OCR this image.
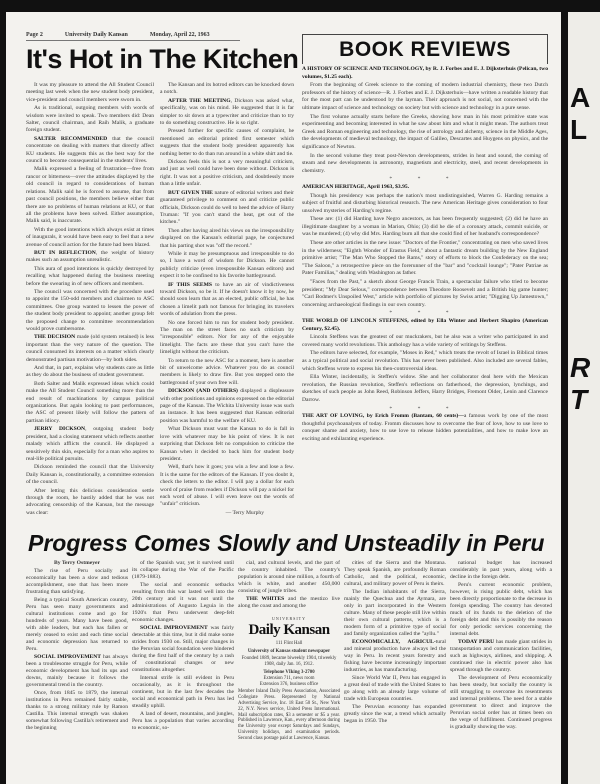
Page 2	University Daily Kansan	Monday, April 22, 1963
It's Hot in The Kitchen

It was my pleasure to attend the All Student Council meeting last week when the new student body president, vice-president and council members were sworn in.

As is traditional, outgoing members with words of wisdom were invited to speak. Two members did: Dean Salter, council chairman, and Raih Malik, a graduate foreign student.

SALTER RECOMMENDED that the council concentrate on dealing with matters that directly affect KU students. He suggests this as the best way for the council to become consequential in the students' lives.

Malik expressed a feeling of frustration—free from rancor or bitterness—over the attitudes displayed by the old council in regard to considerations of human relations. Malik said he is forced to assume, that from past council positions, the members believe either that there are no problems of human relations at KU, or that all the problems have been solved. Either assumption, Malik said, is inaccurate.

With the good intentions which always exist at times of inaugurals, it would have been easy to feel that a new avenue of council action for the future had been blazed.

BUT IN REFLECTION, the weight of history makes such an assumption unrealistic.

This aura of good intentions is quickly destroyed by recalling what happened during the business meeting before the swearing in of new officers and members.

The council was concerned with the procedure used to appoint the 150-odd members and chairmen to ASC committees. One group wanted to lessen the power of the student body president to appoint; another group felt the proposed change to committee recommendation would prove cumbersome.

THE DECISION made (old system retained) is less important than the very nature of the question. The council consumed its interests on a matter which clearly demonstrated partisan motivation—by both sides.

And that, in part, explains why students care as little as they do about the business of student government.

Both Salter and Malik expressed ideas which could make the All Student Council something more than the end result of machinations by campus political organizations. But again looking to past performances, the ASC of present likely will follow the pattern of partisan idiocy.

JERRY DICKSON, outgoing student body president, had a closing statement which reflects another malady which afflicts the council. He displayed a sensitively thin skin, especially for a man who aspires to real-life political pursuits.

Dickson reminded the council that the University Daily Kansan is, constitutionally, a committee extension of the council.

After letting this delicious consideration settle through the room, he hastily added that he was not advocating censorship of the Kansan, but the message was clear:

The Kansan and its hotrod editors can be knocked down a notch.

AFTER THE MEETING, Dickson was asked what, specifically, was on his mind. He suggested that it is far simpler to sit down at a typewriter and criticize than to try to do something constructive. He is so right.

Pressed further for specific causes of complaint, he mentioned an editorial printed first semester which suggests that the student body president apparently has nothing better to do than run around in a white shirt and tie.

Dickson feels this is not a very meaningful criticism, and just as well could have been done without. Dickson is right. It was not a positive criticism, and doubtlessly more than a little unfair.

BUT GIVEN THE nature of editorial writers and their guaranteed privilege to comment on and criticize public officials, Dickson could do well to heed the advice of Harry Truman: "If you can't stand the heat, get out of the kitchen."

Then after having aired his views on the irresponsibility displayed on the Kansan's editorial page, he conjectured that his parting shot was "off the record."

While it may be presumptuous and irresponsible to do so, I have a word of wisdom for Dickson. He cannot publicly criticize (even irresponsible Kansan editors) and expect it to be confined to his favorite battleground.

IF THIS SEEMS to have an air of vindictiveness toward Dickson, so be it. If he doesn't know it by now, he should soon learn that as an elected, public official, he has chosen a limelit path not famous for bringing its travelers words of adulation from the press.

No one forced him to run for student body president. The man on the street faces no such criticism by "irresponsible" editors. Nor for any of the enjoyable limelight. The facts are these that you can't have the limelight without the criticism.

To return to the new ASC for a moment, here is another bit of unwelcome advice. Whatever you do as council members is likely to draw fire. But you stepped onto the battleground of your own free will.

DICKSON (AND OTHERS) displayed a displeasure with other positions and opinions expressed on the editorial page of the Kansan. The Wichita University issue was such an instance. It has been suggested that Kansan editorial position was harmful to the welfare of KU.

What Dickson must want the Kansan to do is fall in love with whatever may be his point of view. It is not surprising that Dickson felt no compulsion to criticize the Kansan when it decided to back him for student body president.

Well, that's how it goes; you win a few and lose a few. It is the same for the editors of the Kansan. If you doubt it, check the letters to the editor. I will pay a dollar for each word of praise from readers if Dickson will pay a nickel for each word of abuse. I will even leave out the words of "unfair" criticism.

— Terry Murphy

BOOK REVIEWS

A HISTORY OF SCIENCE AND TECHNOLOGY, by R. J. Forbes and E. J. Dijksterhuis (Pelican, two volumes, $1.25 each).

From the beginning of Greek science to the coming of modern industrial chemistry, these two Dutch professors of the history of science—R. J. Forbes and E. J. Dijksterhuis—have written a readable history that for the most part can be understood by the layman. Their approach is not social, not concerned with the ultimate impact of science and technology on society but with science and technology in a pure sense.

The first volume actually starts before the Greeks, showing how man in his most primitive state was experimenting and becoming interested in what he saw about him and what it might mean. The authors treat Greek and Roman engineering and technology, the rise of astrology and alchemy, science in the Middle Ages, the developments of medieval technology, the impact of Galileo, Descartes and Huygens on physics, and the significance of Newton.

In the second volume they treat post-Newton developments, strides in heat and sound, the coming of steam and new developments in astronomy, magnetism and electricity, steel, and recent developments in chemistry.

* * *

AMERICAN HERITAGE, April 1963, $3.95.

Though his presidency was perhaps the nation's most undistinguished, Warren G. Harding remains a subject of fruitful and disturbing historical research. The new American Heritage gives consideration to four unsolved mysteries of Harding's regime.

These are: (1) did Harding have Negro ancestors, as has been frequently suggested; (2) did he have an illegitimate daughter by a woman in Marion, Ohio; (3) did he die of a coronary attack, commit suicide, or was he murdered; (4) why did Mrs. Harding burn all that she could find of her husband's correspondence?

These are other articles in the new issue: "Doctors of the Frontier," concentrating on men who saved lives in the wilderness; "Eighth Wonder of Erastus Field," about a fantastic dream building by the New England primitive artist; "The Man Who Stopped the Rams," story of efforts to block the Confederacy on the sea; "The Saloon," a retrospective piece on the forerunner of the "bar" and "cocktail lounge"; "Pater Patriae as Pater Familias," dealing with Washington as father.

"Faces from the Past," a sketch about George Francis Train, a spectacular failure who tried to become president; "My Dear Selous," correspondence between Theodore Roosevelt and a British big game hunter; "Carl Bodmer's Unspoiled West," article with portfolio of pictures by Swiss artist; "Digging Up Jamestown," concerning archaeological findings in our own country.

* * *

THE WORLD OF LINCOLN STEFFENS, edited by Ella Winter and Herbert Shapiro (American Century, $2.45).

Lincoln Steffens was the greatest of our muckrakers, but he also was a writer who participated in and covered many world revolutions. This anthology has a wide variety of writings by Steffens.

The editors have selected, for example, "Moses in Red," which treats the revolt of Israel in Biblical times as a typical political and social revolution. This has never been published. Also included are several fables, which Steffens wrote to express his then-controversial ideas.

Ella Winter, incidentally, is Steffen's widow. She and her collaborator deal here with the Mexican revolution, the Russian revolution, Steffen's reflections on fatherhood, the depression, lynchings, and sketches of such people as John Reed, Robinson Jeffers, Harry Bridges, Fremont Older, Lenin and Clarence Darrow.

* * *

THE ART OF LOVING, by Erich Fromm (Bantam, 60 cents)—a famous work by one of the most thoughtful psychoanalysts of today. Fromm discusses how to overcome the fear of love, how to use love to conquer shame and anxiety, how to use love to release hidden potentialities, and how to make love an exciting and exhilarating experience.

Progress Comes Slowly and Unsteadily in Peru

By Terry Ostmeyer

The rise of Peru socially and economically has been a slow and tedious accomplishment, one that has been more frustrating than satisfying.

Being a typical South American country, Peru has seen many governments and cultural institutions come and go for hundreds of years. Many have been good, with able leaders, but each has fallen or merely ceased to exist and each time social and economic depression has returned to Peru.

SOCIAL IMPROVEMENT has always been a troublesome struggle for Peru, while economic development has had its ups and downs, mainly because it follows the governmental trend in the country.

Once, from 1845 to 1879, the internal institutions in Peru remained fairly stable, thanks to a strong military rule by Ramon Castilla. This internal strength was shaken somewhat following Castilla's retirement and the beginning

of the Spanish war, yet it survived until its collapse during the War of the Pacific (1879-1883).

The social and economic setbacks resulting from this war lasted well into the 20th century and it was not until the administrations of Augusto Leguia in the 1920's that Peru underwent deep-felt economic changes.

SOCIAL IMPROVEMENT was fairly detectable at this time, but it did make some strides from 1930 on. Still, major changes in the Peruvian social foundation were hindered during the first half of the century by a rash of constitutional changes or new constitutions altogether.

Internal strife is still evident in Peru occasionally, as it is throughout the continent, but in the last few decades the social and economical path in Peru has led steadily uphill.

A land of desert, mountains, and jungles, Peru has a population that varies according to economic, so-

cial, and cultural levels, and the part of the country inhabited. The country's population is around nine million, a fourth of which is white, and another 450,000 consisting of jungle tribes.

THE WHITES and the mestizo live along the coast and among the

UNIVERSITY
Daily Kansan

111 Flint Hall

University of Kansas student newspaper

Founded 1889, became biweekly 1904, triweekly 1908, daily Jan. 16, 1912.

Telephone VIking 3-2700

Extension 711, news room

Extension 376, business office

Member Inland Daily Press Association, Associated Collegiate Press. Represented by National Advertising Service, Inc. 18 East 50 St., New York 22, N.Y. News service, United Press International. Mail subscription rates, $3 a semester or $5 a year. Published in Lawrence, Kan., every afternoon during the University year except Saturdays and Sundays, University holidays, and examination periods. Second class postage paid at Lawrence, Kansas.

cities of the Sierra and the Montana. They speak Spanish, are profoundly Roman Catholic, and the political, economic, cultural, and military power of Peru is theirs.

The Indian inhabitants of the Sierra, mainly the Quechua and the Aymara, are only in part incorporated in the Western culture. Many of these people still live within their own cultural patterns, which is a modern form of a primitive type of social and family organization called the "ayllu."

ECONOMICALLY, AGRICUL-tural and mineral production have always led the way in Peru. In recent years forestry and fishing have become increasingly important industries, as has manufacturing.

Since World War II, Peru has engaged in a great deal of trade with the United States to go along with an already large volume of trade with European countries.

The Peruvian economy has expanded greatly since the war, a trend which actually began in 1950. The

national budget has increased considerably in past years, along with a decline in the foreign debt.

Peru's current economic problem, however, is rising public debt, which has been directly proportionate to the decrease in foreign spending. The country has devoted much of its funds to the deletion of the foreign debt and this is possibly the reason for only periodic services concerning the internal debt.

TODAY PERU has made giant strides in transportation and communication facilities, such as highways, airlines, and shipping. A continued rise in electric power also has spread through the country.

The development of Peru economically has been steady, but socially the country is still struggling to overcome its resentments and internal problems. The need for a stable government to direct and improve the Peruvian social order has at times been on the verge of fulfillment. Continued progress is gradually showing the way.

A
L
R
T
